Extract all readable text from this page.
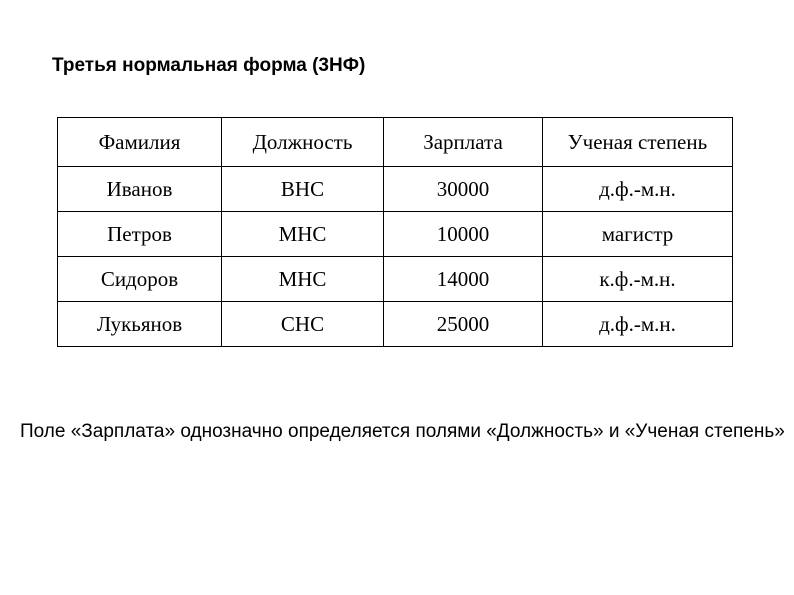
Третья нормальная форма (3НФ)
Фамилия	Должность	Зарплата	Ученая степень
Иванов	ВНС	30000	д.ф.-м.н.
Петров	МНС	10000	магистр
Сидоров	МНС	14000	к.ф.-м.н.
Лукьянов	СНС	25000	д.ф.-м.н.
Поле «Зарплата» однозначно определяется полями «Должность» и «Ученая степень»
